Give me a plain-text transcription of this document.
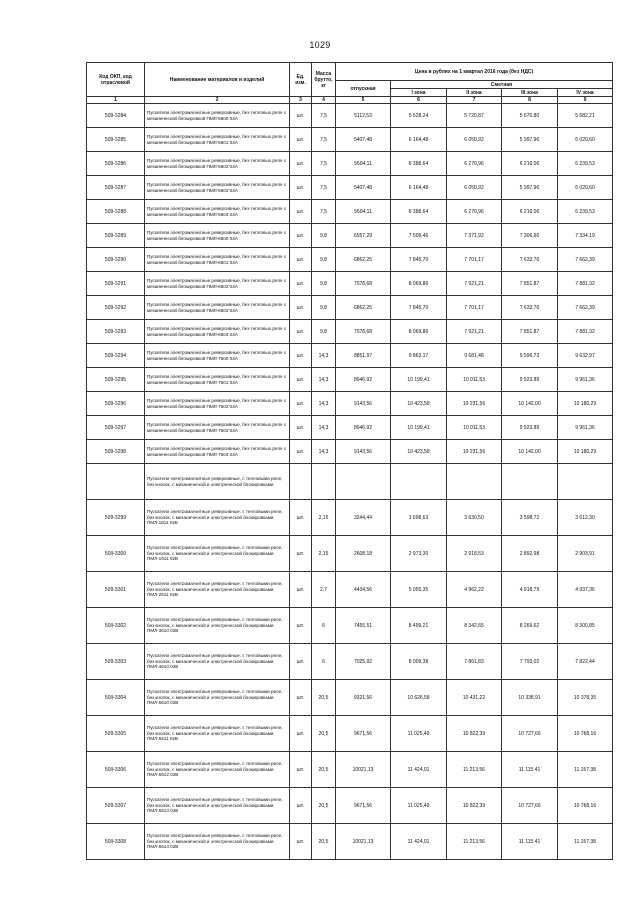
1029
Код ОКП, код отраслевой	Наименование материалов и изделий	Ед. изм.	Масса брутто, кг	Цена в рублях на 1 квартал 2016 года (без НДС)				
				отпускная	Сметная			
					I зона	II зона	III зона	IV зона
1	2	3	4	5	6	7	8	9
509-3284	Пускатели электромагнитные реверсивные, без тепловых реле с механической блокировкой ПМЛ-5500 04А	шт.	7,5	5112,53	5 628,24	5 720,87	5 670,80	5 682,21
509-3285	Пускатели электромагнитные реверсивные, без тепловых реле с механической блокировкой ПМЛ-5501 04А	шт.	7,5	5407,48	6 164,48	6 050,92	5 997,96	6 020,60
509-3286	Пускатели электромагнитные реверсивные, без тепловых реле с механической блокировкой ПМЛ-5502 04А	шт.	7,5	5604,11	6 388,64	6 270,96	6 216,06	6 239,53
509-3287	Пускатели электромагнитные реверсивные, без тепловых реле с механической блокировкой ПМЛ-5503 04А	шт.	7,5	5407,48	6 164,48	6 050,92	5 997,96	6 020,60
509-3288	Пускатели электромагнитные реверсивные, без тепловых реле с механической блокировкой ПМЛ-5504 04А	шт.	7,5	5604,11	6 388,64	6 270,96	6 216,06	6 239,53
509-3289	Пускатели электромагнитные реверсивные, без тепловых реле с механической блокировкой ПМЛ-6500 04А	шт.	9,8	6557,29	7 509,46	7 371,92	7 306,60	7 334,19
509-3290	Пускатели электромагнитные реверсивные, без тепловых реле с механической блокировкой ПМЛ-6501 04А	шт.	9,8	6862,25	7 845,70	7 701,17	7 633,76	7 662,39
509-3291	Пускатели электромагнитные реверсивные, без тепловых реле с механической блокировкой ПМЛ-6502 04А	шт.	9,8	7078,68	8 069,86	7 921,21	7 851,87	7 881,32
509-3292	Пускатели электромагнитные реверсивные, без тепловых реле с механической блокировкой ПМЛ-6503 04А	шт.	9,8	6862,25	7 845,70	7 701,17	7 633,76	7 662,39
509-3293	Пускатели электромагнитные реверсивные, без тепловых реле с механической блокировкой ПМЛ-6504 04А	шт.	9,8	7078,68	8 069,86	7 921,21	7 851,87	7 881,32
509-3294	Пускатели электромагнитные реверсивные, без тепловых реле с механической блокировкой ПМЛ-7500 04А	шт.	14,3	8851,97	9 863,17	9 681,48	9 596,73	9 632,97
509-3295	Пускатели электромагнитные реверсивные, без тепловых реле с механической блокировкой ПМЛ-7501 04А	шт.	14,3	8946,92	10 199,41	10 011,53	9 923,89	9 961,36
509-3296	Пускатели электромагнитные реверсивные, без тепловых реле с механической блокировкой ПМЛ-7502 04А	шт.	14,3	9143,56	10 423,58	10 231,56	10 142,00	10 180,29
509-3297	Пускатели электромагнитные реверсивные, без тепловых реле с механической блокировкой ПМЛ-7503 04А	шт.	14,3	8946,92	10 199,41	10 011,53	9 923,89	9 961,36
509-3298	Пускатели электромагнитные реверсивные, без тепловых реле с механической блокировкой ПМЛ-7504 04А	шт.	14,3	9143,56	10 423,58	10 231,56	10 142,00	10 180,29
	Пускатели электромагнитные реверсивные, с тепловыми реле, без кнопок, с механической и электрической блокировками							
509-3299	Пускатели электромагнитные реверсивные, с тепловыми реле, без кнопок, с механической и электрической блокировками ПМЛ-1611 02Б	шт.	2,15	3244,44	3 698,63	3 630,50	3 598,72	3 612,30
509-3300	Пускатели электромагнитные реверсивные, с тепловыми реле, без кнопок, с механической и электрической блокировками ПМЛ-1611 02В	шт.	2,15	2608,18	2 973,30	2 918,53	2 892,98	2 903,91
509-3301	Пускатели электромагнитные реверсивные, с тепловыми реле, без кнопок, с механической и электрической блокировками ПМЛ-2611 02В	шт.	2,7	4434,56	5 055,35	4 962,22	4 918,79	4 937,36
509-3302	Пускатели электромагнитные реверсивные, с тепловыми реле, без кнопок, с механической и электрической блокировками ПМЛ-3610 02В	шт.	6	7455,51	8 499,21	8 342,65	8 269,62	8 300,85
509-3303	Пускатели электромагнитные реверсивные, с тепловыми реле, без кнопок, с механической и электрической блокировками ПМЛ-4610 02В	шт.	6	7025,92	8 009,38	7 861,83	7 793,02	7 822,44
509-3304	Пускатели электромагнитные реверсивные, с тепловыми реле, без кнопок, с механической и электрической блокировками ПМЛ-5610 02В	шт.	20,5	9321,56	10 626,58	10 431,22	10 338,91	10 378,35
509-3305	Пускатели электромагнитные реверсивные, с тепловыми реле, без кнопок, с механической и электрической блокировками ПМЛ-5611 02В	шт.	20,5	9671,56	11 025,49	10 822,39	10 727,66	10 768,16
509-3306	Пускатели электромагнитные реверсивные, с тепловыми реле, без кнопок, с механической и электрической блокировками ПМЛ-5612 02В	шт.	20,5	10021,13	11 424,01	11 213,56	11 115,41	11 157,38
509-3307	Пускатели электромагнитные реверсивные, с тепловыми реле, без кнопок, с механической и электрической блокировками ПМЛ-5613 02В	шт.	20,5	9671,56	11 025,49	10 822,39	10 727,66	10 768,16
509-3308	Пускатели электромагнитные реверсивные, с тепловыми реле, без кнопок, с механической и электрической блокировками ПМЛ-5614 02В	шт.	20,5	10021,13	11 424,01	11 213,56	11 115,41	11 157,38
